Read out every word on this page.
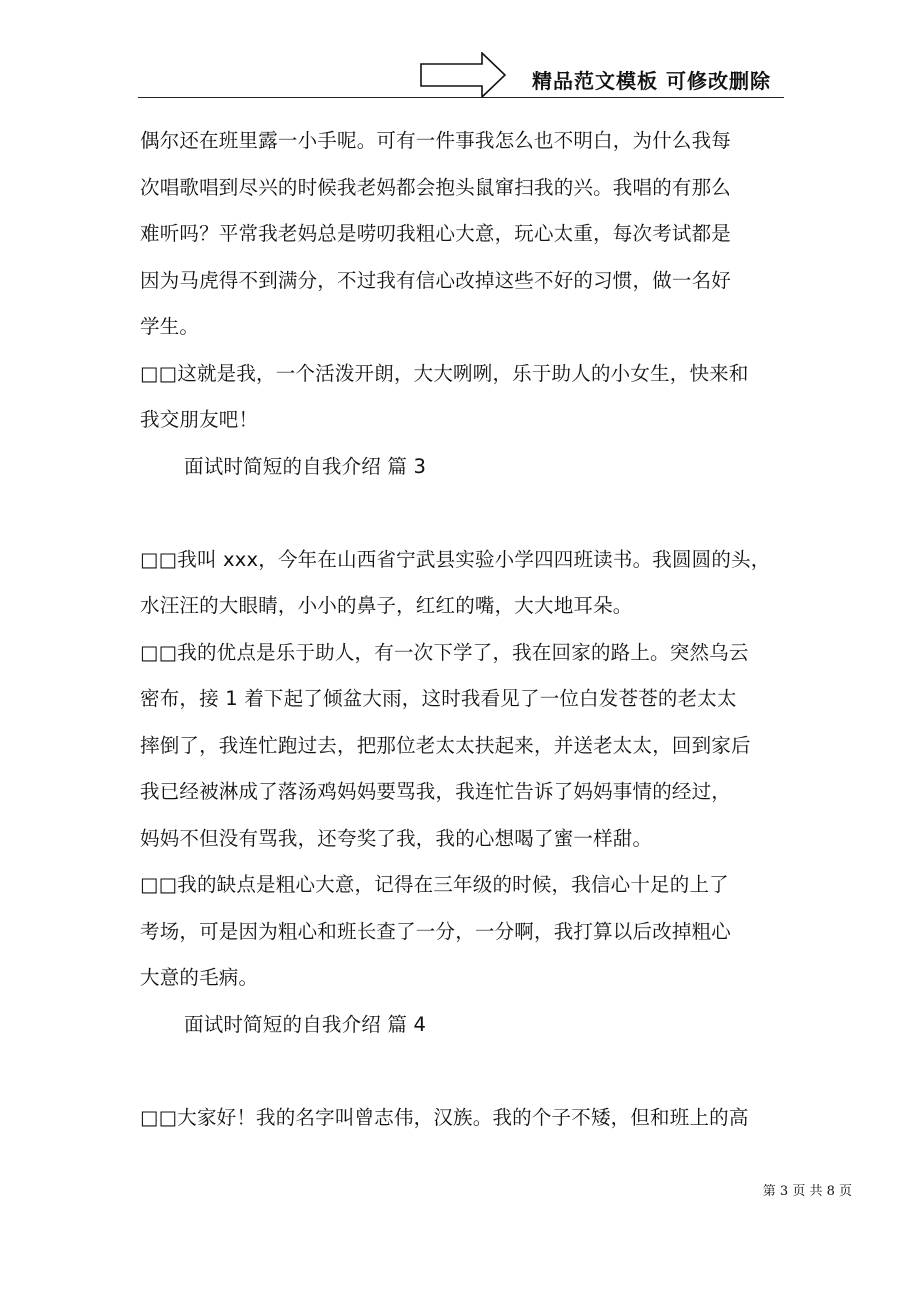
精品范文模板 可修改删除
偶尔还在班里露一小手呢。可有一件事我怎么也不明白，为什么我每
次唱歌唱到尽兴的时候我老妈都会抱头鼠窜扫我的兴。我唱的有那么
难听吗？平常我老妈总是唠叨我粗心大意，玩心太重，每次考试都是
因为马虎得不到满分，不过我有信心改掉这些不好的习惯，做一名好
学生。
□□这就是我，一个活泼开朗，大大咧咧，乐于助人的小女生，快来和
我交朋友吧！
面试时简短的自我介绍 篇 3
□□我叫 xxx，今年在山西省宁武县实验小学四四班读书。我圆圆的头，
水汪汪的大眼睛，小小的鼻子，红红的嘴，大大地耳朵。
□□我的优点是乐于助人，有一次下学了，我在回家的路上。突然乌云
密布，接 1 着下起了倾盆大雨，这时我看见了一位白发苍苍的老太太
摔倒了，我连忙跑过去，把那位老太太扶起来，并送老太太，回到家后
我已经被淋成了落汤鸡妈妈要骂我，我连忙告诉了妈妈事情的经过，
妈妈不但没有骂我，还夸奖了我，我的心想喝了蜜一样甜。
□□我的缺点是粗心大意，记得在三年级的时候，我信心十足的上了
考场，可是因为粗心和班长查了一分，一分啊，我打算以后改掉粗心
大意的毛病。
面试时简短的自我介绍 篇 4
□□大家好！我的名字叫曾志伟，汉族。我的个子不矮，但和班上的高
第 3 页 共 8 页
